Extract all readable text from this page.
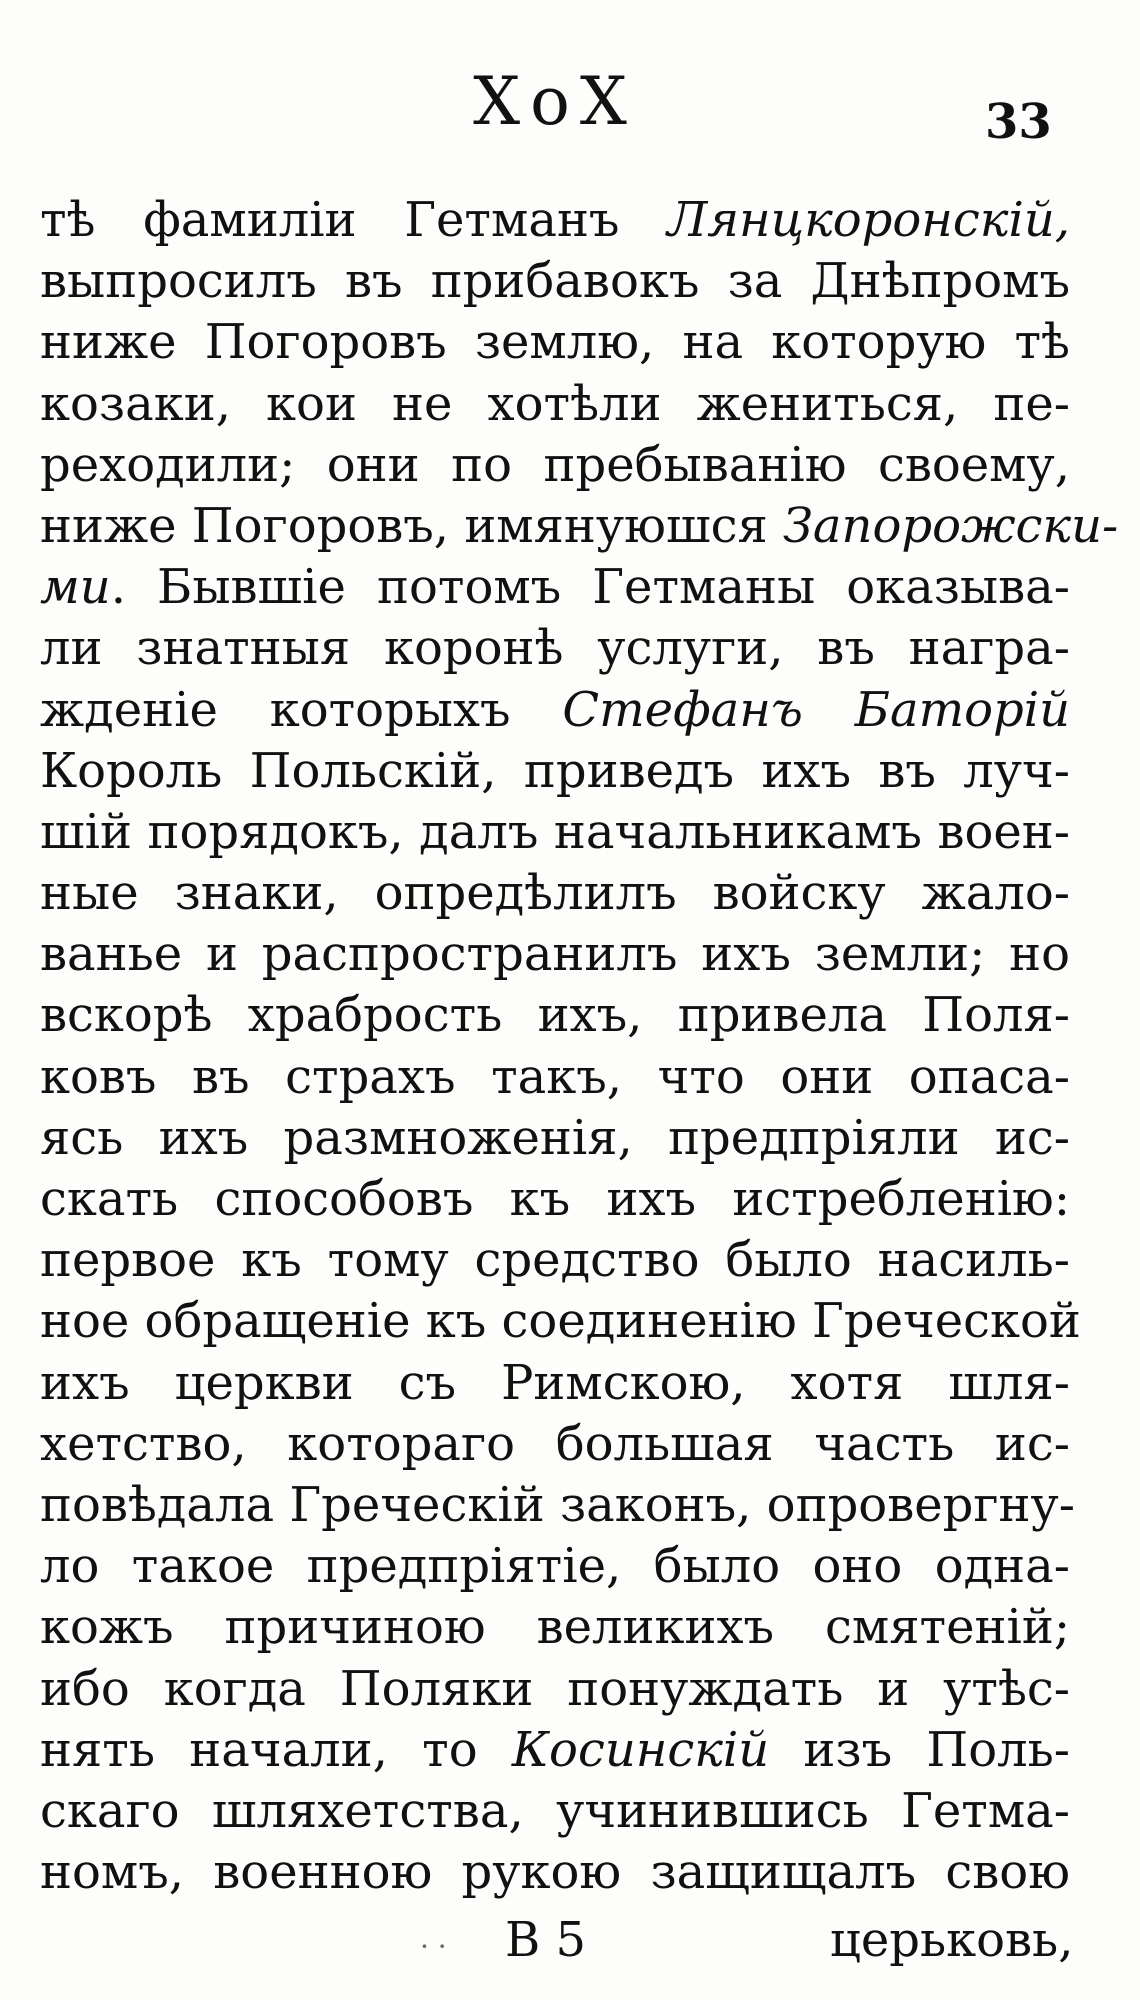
XoX	33
тѣ фамиліи Гетманъ Лянцкоронскій,
выпросилъ въ прибавокъ за Днѣпромъ
ниже Погоровъ землю, на которую тѣ
козаки, кои не хотѣли жениться, пе-
реходили; они по пребыванію своему,
ниже Погоровъ, имянуюшся Запорожски-
ми. Бывшіе потомъ Гетманы оказыва-
ли знатныя коронѣ услуги, въ награ-
жденіе которыхъ Стефанъ Баторій
Король Польскій, приведъ ихъ въ луч-
шій порядокъ, далъ начальникамъ воен-
ные знаки, опредѣлилъ войску жало-
ванье и распространилъ ихъ земли; но
вскорѣ храбрость ихъ, привела Поля-
ковъ въ страхъ такъ, что они опаса-
ясь ихъ размноженія, предпріяли ис-
скать способовъ къ ихъ истребленію:
первое къ тому средство было насиль-
ное обращеніе къ соединенію Греческой
ихъ церкви съ Римскою, хотя шля-
хетство, котораго большая часть ис-
повѣдала Греческій законъ, опровергну-
ло такое предпріятіе, было оно одна-
кожъ причиною великихъ смятеній;
ибо когда Поляки понуждать и утѣс-
нять начали, то Косинскій изъ Поль-
скаго шляхетства, учинившись Гетма-
номъ, военною рукою защищалъ свою
· · В 5	церьковь,
